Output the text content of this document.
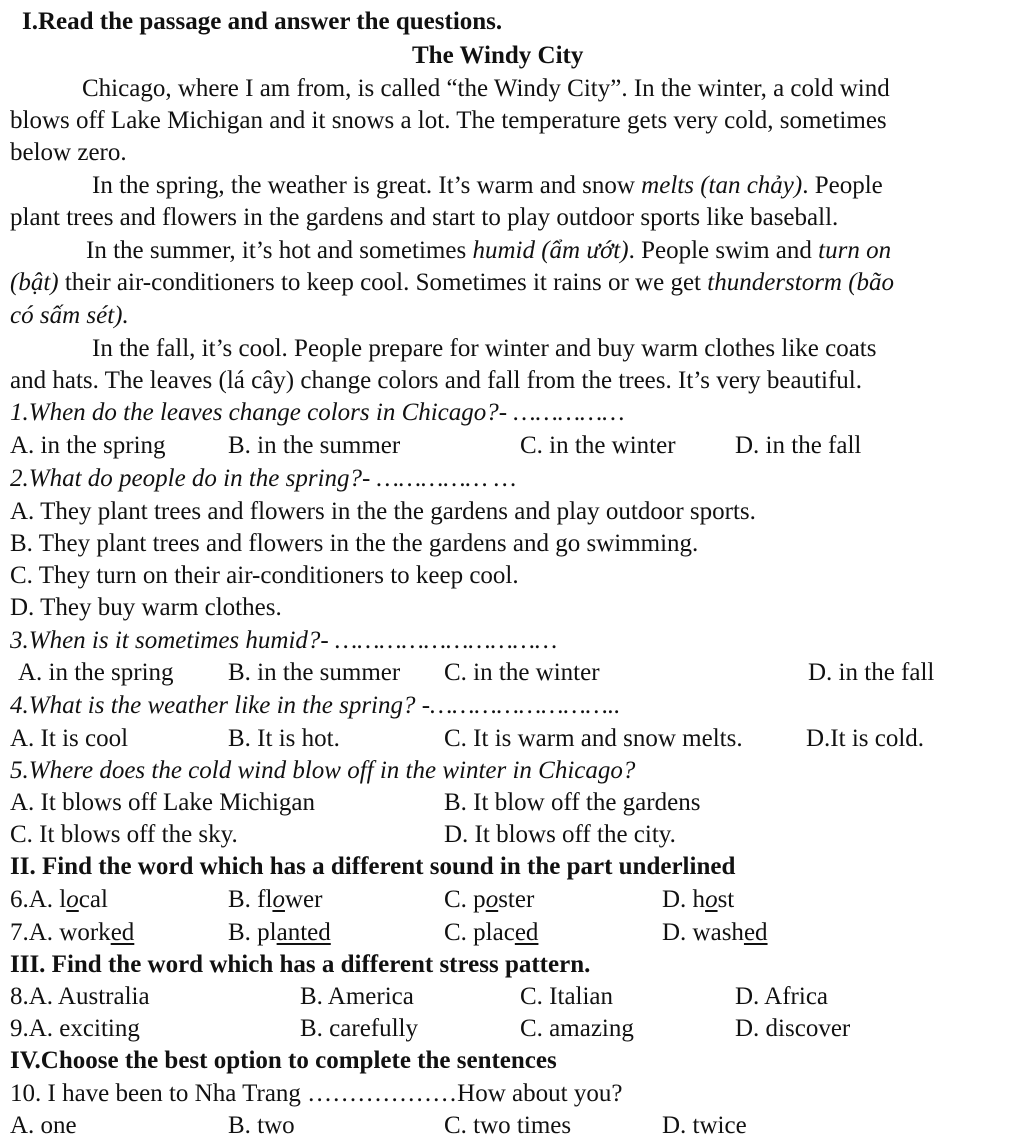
I.Read the passage and answer the questions.
The Windy City
Chicago, where I am from, is called “the Windy City”. In the winter, a cold wind
blows off Lake Michigan and it snows a lot. The temperature gets very cold, sometimes
below zero.
In the spring, the weather is great. It’s warm and snow melts (tan chảy). People
plant trees and flowers in the gardens and start to play outdoor sports like baseball.
In the summer, it’s hot and sometimes humid (ẩm ướt). People swim and turn on
(bật) their air-conditioners to keep cool. Sometimes it rains or we get thunderstorm (bão
có sấm sét).
In the fall, it’s cool. People prepare for winter and buy warm clothes like coats
and hats. The leaves (lá cây) change colors and fall from the trees. It’s very beautiful.
1.When do the leaves change colors in Chicago?- ……………
A. in the spring B. in the summer	C. in the winter D. in the fall
2.What do people do in the spring?- …………… …
A. They plant trees and flowers in the the gardens and play outdoor sports.
B. They plant trees and flowers in the the gardens and go swimming.
C. They turn on their air-conditioners to keep cool.
D. They buy warm clothes.
3.When is it sometimes humid?- …………………………
A. in the spring B. in the summer C. in the winter	D. in the fall
4.What is the weather like in the spring? -……………………..
A. It is cool	B. It is hot.	C. It is warm and snow melts.	D.It is cold.
5.Where does the cold wind blow off in the winter in Chicago?
A. It blows off Lake Michigan	B. It blow off the gardens
C. It blows off the sky.	D. It blows off the city.
II. Find the word which has a different sound in the part underlined
6.A. local	B. flower	C. poster	D. host
7.A. worked	B. planted	C. placed	D. washed
III. Find the word which has a different stress pattern.
8.A. Australia	B. America	C. Italian	D. Africa
9.A. exciting	B. carefully	C. amazing	D. discover
IV.Choose the best option to complete the sentences
10. I have been to Nha Trang ………………How about you?
A. one	B. two	C. two times	D. twice
